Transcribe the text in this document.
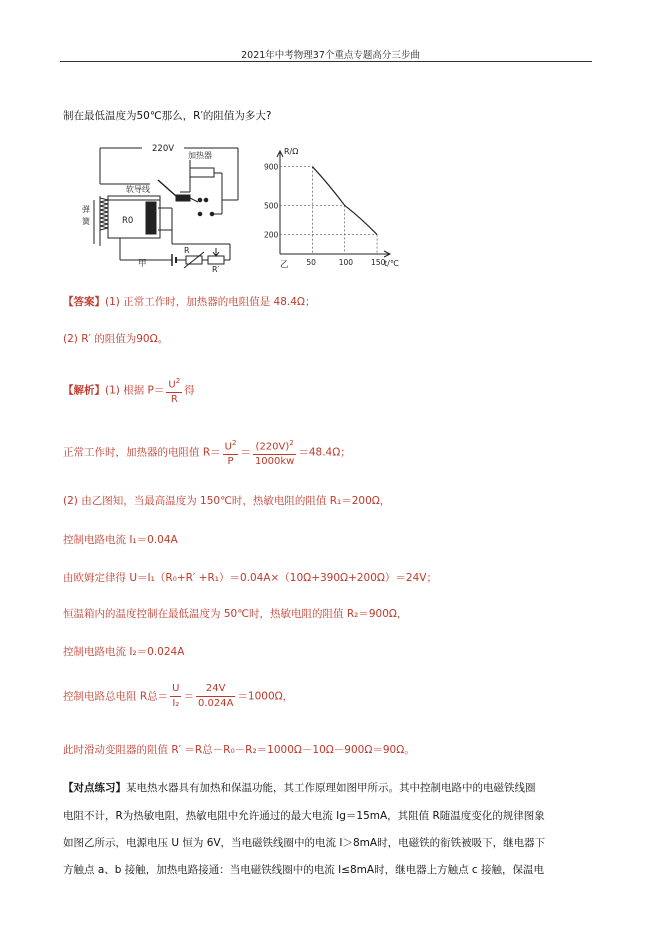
2021年中考物理37个重点专题高分三步曲
制在最低温度为50℃那么，R′的阻值为多大?
220V
加热器
软导线
弹
簧	R0
R
R′
甲
900
500
200
50	100 150
R/Ω
t/℃
乙
【答案】(1) 正常工作时，加热器的电阻值是 48.4Ω；
(2) R′ 的阻值为90Ω。
【解析】(1) 根据 $P= \frac{U^2}{R}$ 得
正常工作时，加热器的电阻值 $R= \frac{U^2}{P} = \frac{(220V)^2}{1000kw} =48.4\Omega$；
(2) 由乙图知，当最高温度为 150℃时，热敏电阻的阻值 R₁＝200Ω，
控制电路电流 I₁＝0.04A
由欧姆定律得 U＝I₁（R₀+R′ +R₁）＝0.04A×（10Ω+390Ω+200Ω）＝24V；
恒温箱内的温度控制在最低温度为 50℃时，热敏电阻的阻值 R₂＝900Ω，
控制电路电流 I₂＝0.024A
控制电路总电阻 R总＝ $\frac{U}{\text{I₂}} = \frac{24V}{0.024A} =1000\Omega$，
此时滑动变阻器的阻值 R′ ＝R总－R₀－R₂＝1000Ω－10Ω－900Ω＝90Ω。
【对点练习】某电热水器具有加热和保温功能，其工作原理如图甲所示。其中控制电路中的电磁铁线圈
电阻不计，R为热敏电阻，热敏电阻中允许通过的最大电流 Ig＝15mA，其阻值 R随温度变化的规律图象
如图乙所示，电源电压 U 恒为 6V，当电磁铁线圈中的电流 I＞8mA时，电磁铁的衔铁被吸下，继电器下
方触点 a、b 接触，加热电路接通：当电磁铁线圈中的电流 I≤8mA时，继电器上方触点 c 接触，保温电
